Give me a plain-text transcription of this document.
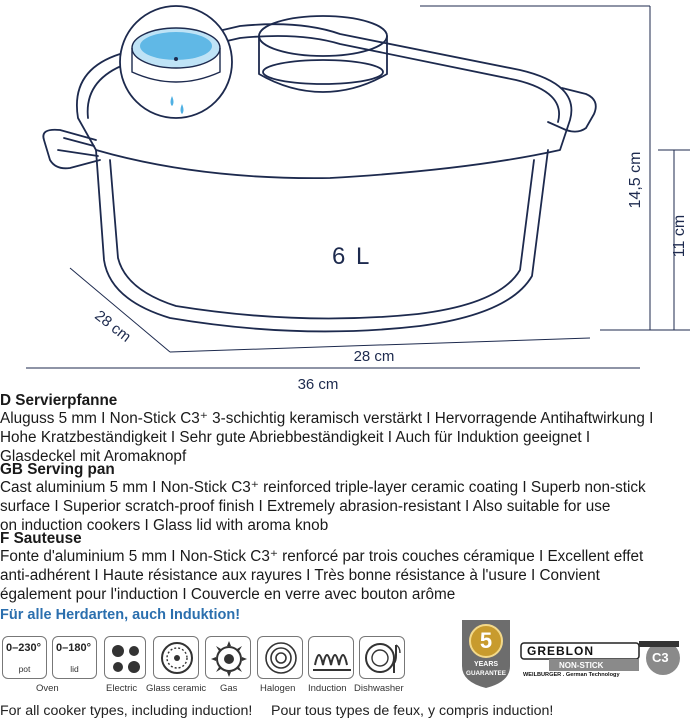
6 L
14,5 cm
11 cm
28 cm
28 cm
36 cm
D Servierpfanne
Aluguss 5 mm I Non-Stick C3⁺ 3-schichtig keramisch verstärkt I Hervorragende Antihaftwirkung I
Hohe Kratzbeständigkeit I Sehr gute Abriebbeständigkeit I Auch für Induktion geeignet I
Glasdeckel mit Aromaknopf
GB Serving pan
Cast aluminium 5 mm I Non-Stick C3⁺ reinforced triple-layer ceramic coating I Superb non-stick
surface I Superior scratch-proof finish I Extremely abrasion-resistant I Also suitable for use
on induction cookers I Glass lid with aroma knob
F Sauteuse
Fonte d'aluminium 5 mm I Non-Stick C3⁺ renforcé par trois couches céramique I Excellent effet
anti-adhérent I Haute résistance aux rayures I Très bonne résistance à l'usure I Convient
également pour l'induction I Couvercle en verre avec bouton arôme
Für alle Herdarten, auch Induktion!
0–230°
pot
0–180°
lid
Oven	Electric Glass ceramic Gas Halogen Induction Dishwasher
5
YEARS
GUARANTEE
GREBLON
NON-STICK
C3
WEILBURGER . German Technology
For all cooker types, including induction! Pour tous types de feux, y compris induction!
